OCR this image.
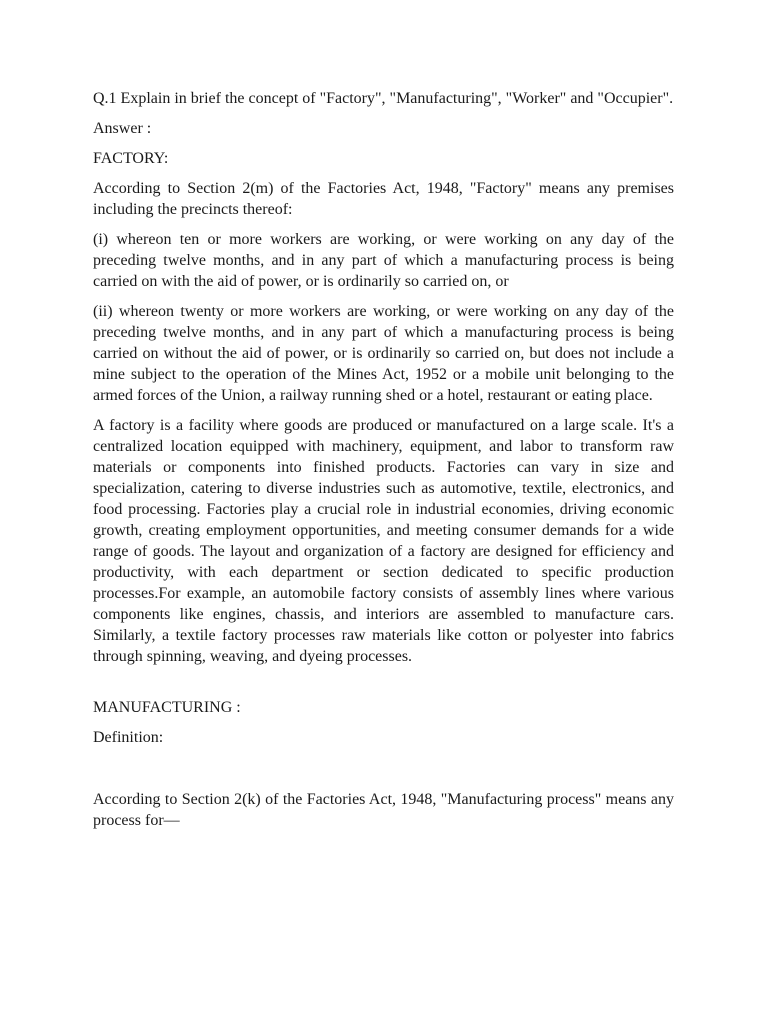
Q.1 Explain in brief the concept of "Factory", "Manufacturing", "Worker" and "Occupier".

Answer :

FACTORY:

According to Section 2(m) of the Factories Act, 1948, "Factory" means any premises including the precincts thereof:

(i) whereon ten or more workers are working, or were working on any day of the preceding twelve months, and in any part of which a manufacturing process is being carried on with the aid of power, or is ordinarily so carried on, or

(ii) whereon twenty or more workers are working, or were working on any day of the preceding twelve months, and in any part of which a manufacturing process is being carried on without the aid of power, or is ordinarily so carried on, but does not include a mine subject to the operation of the Mines Act, 1952 or a mobile unit belonging to the armed forces of the Union, a railway running shed or a hotel, restaurant or eating place.

A factory is a facility where goods are produced or manufactured on a large scale. It's a centralized location equipped with machinery, equipment, and labor to transform raw materials or components into finished products. Factories can vary in size and specialization, catering to diverse industries such as automotive, textile, electronics, and food processing. Factories play a crucial role in industrial economies, driving economic growth, creating employment opportunities, and meeting consumer demands for a wide range of goods. The layout and organization of a factory are designed for efficiency and productivity, with each department or section dedicated to specific production processes.For example, an automobile factory consists of assembly lines where various components like engines, chassis, and interiors are assembled to manufacture cars. Similarly, a textile factory processes raw materials like cotton or polyester into fabrics through spinning, weaving, and dyeing processes.

MANUFACTURING :

Definition:

According to Section 2(k) of the Factories Act, 1948, "Manufacturing process" means any process for—
